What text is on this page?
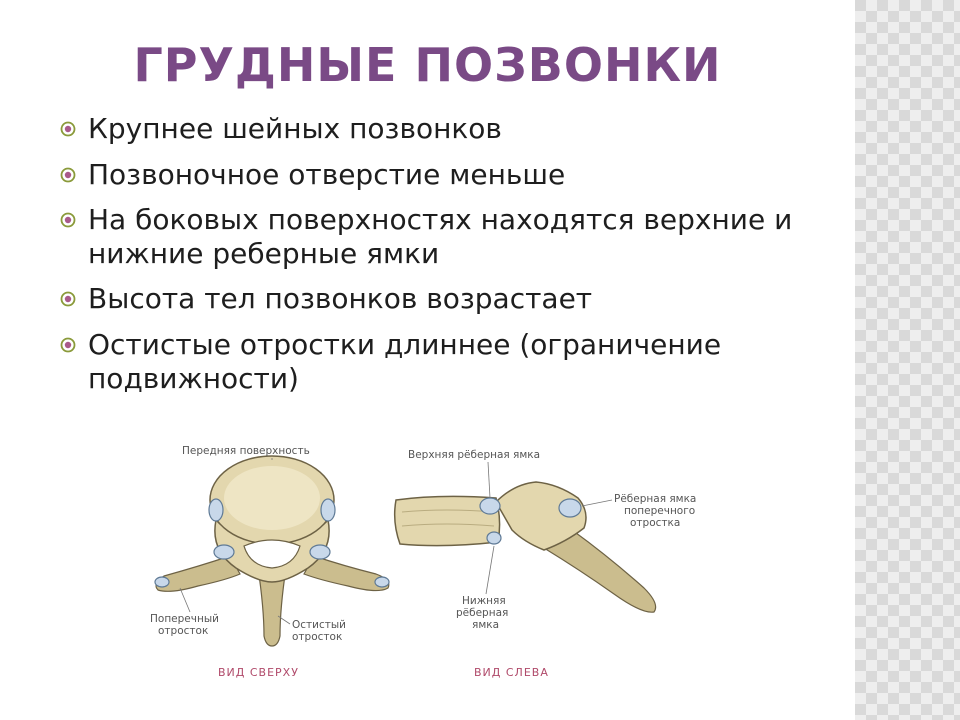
ГРУДНЫЕ ПОЗВОНКИ
Крупнее шейных позвонков
Позвоночное отверстие меньше
На боковых поверхностях находятся верхние и нижние реберные ямки
Высота тел позвонков возрастает
Остистые отростки длиннее (ограничение подвижности)
Передняя поверхность
Поперечный
отросток	Остистый
отросток
ВИД СВЕРХУ
Верхняя рёберная ямка
Рёберная ямка
поперечного
отростка
Нижняя
рёберная
ямка
ВИД СЛЕВА
